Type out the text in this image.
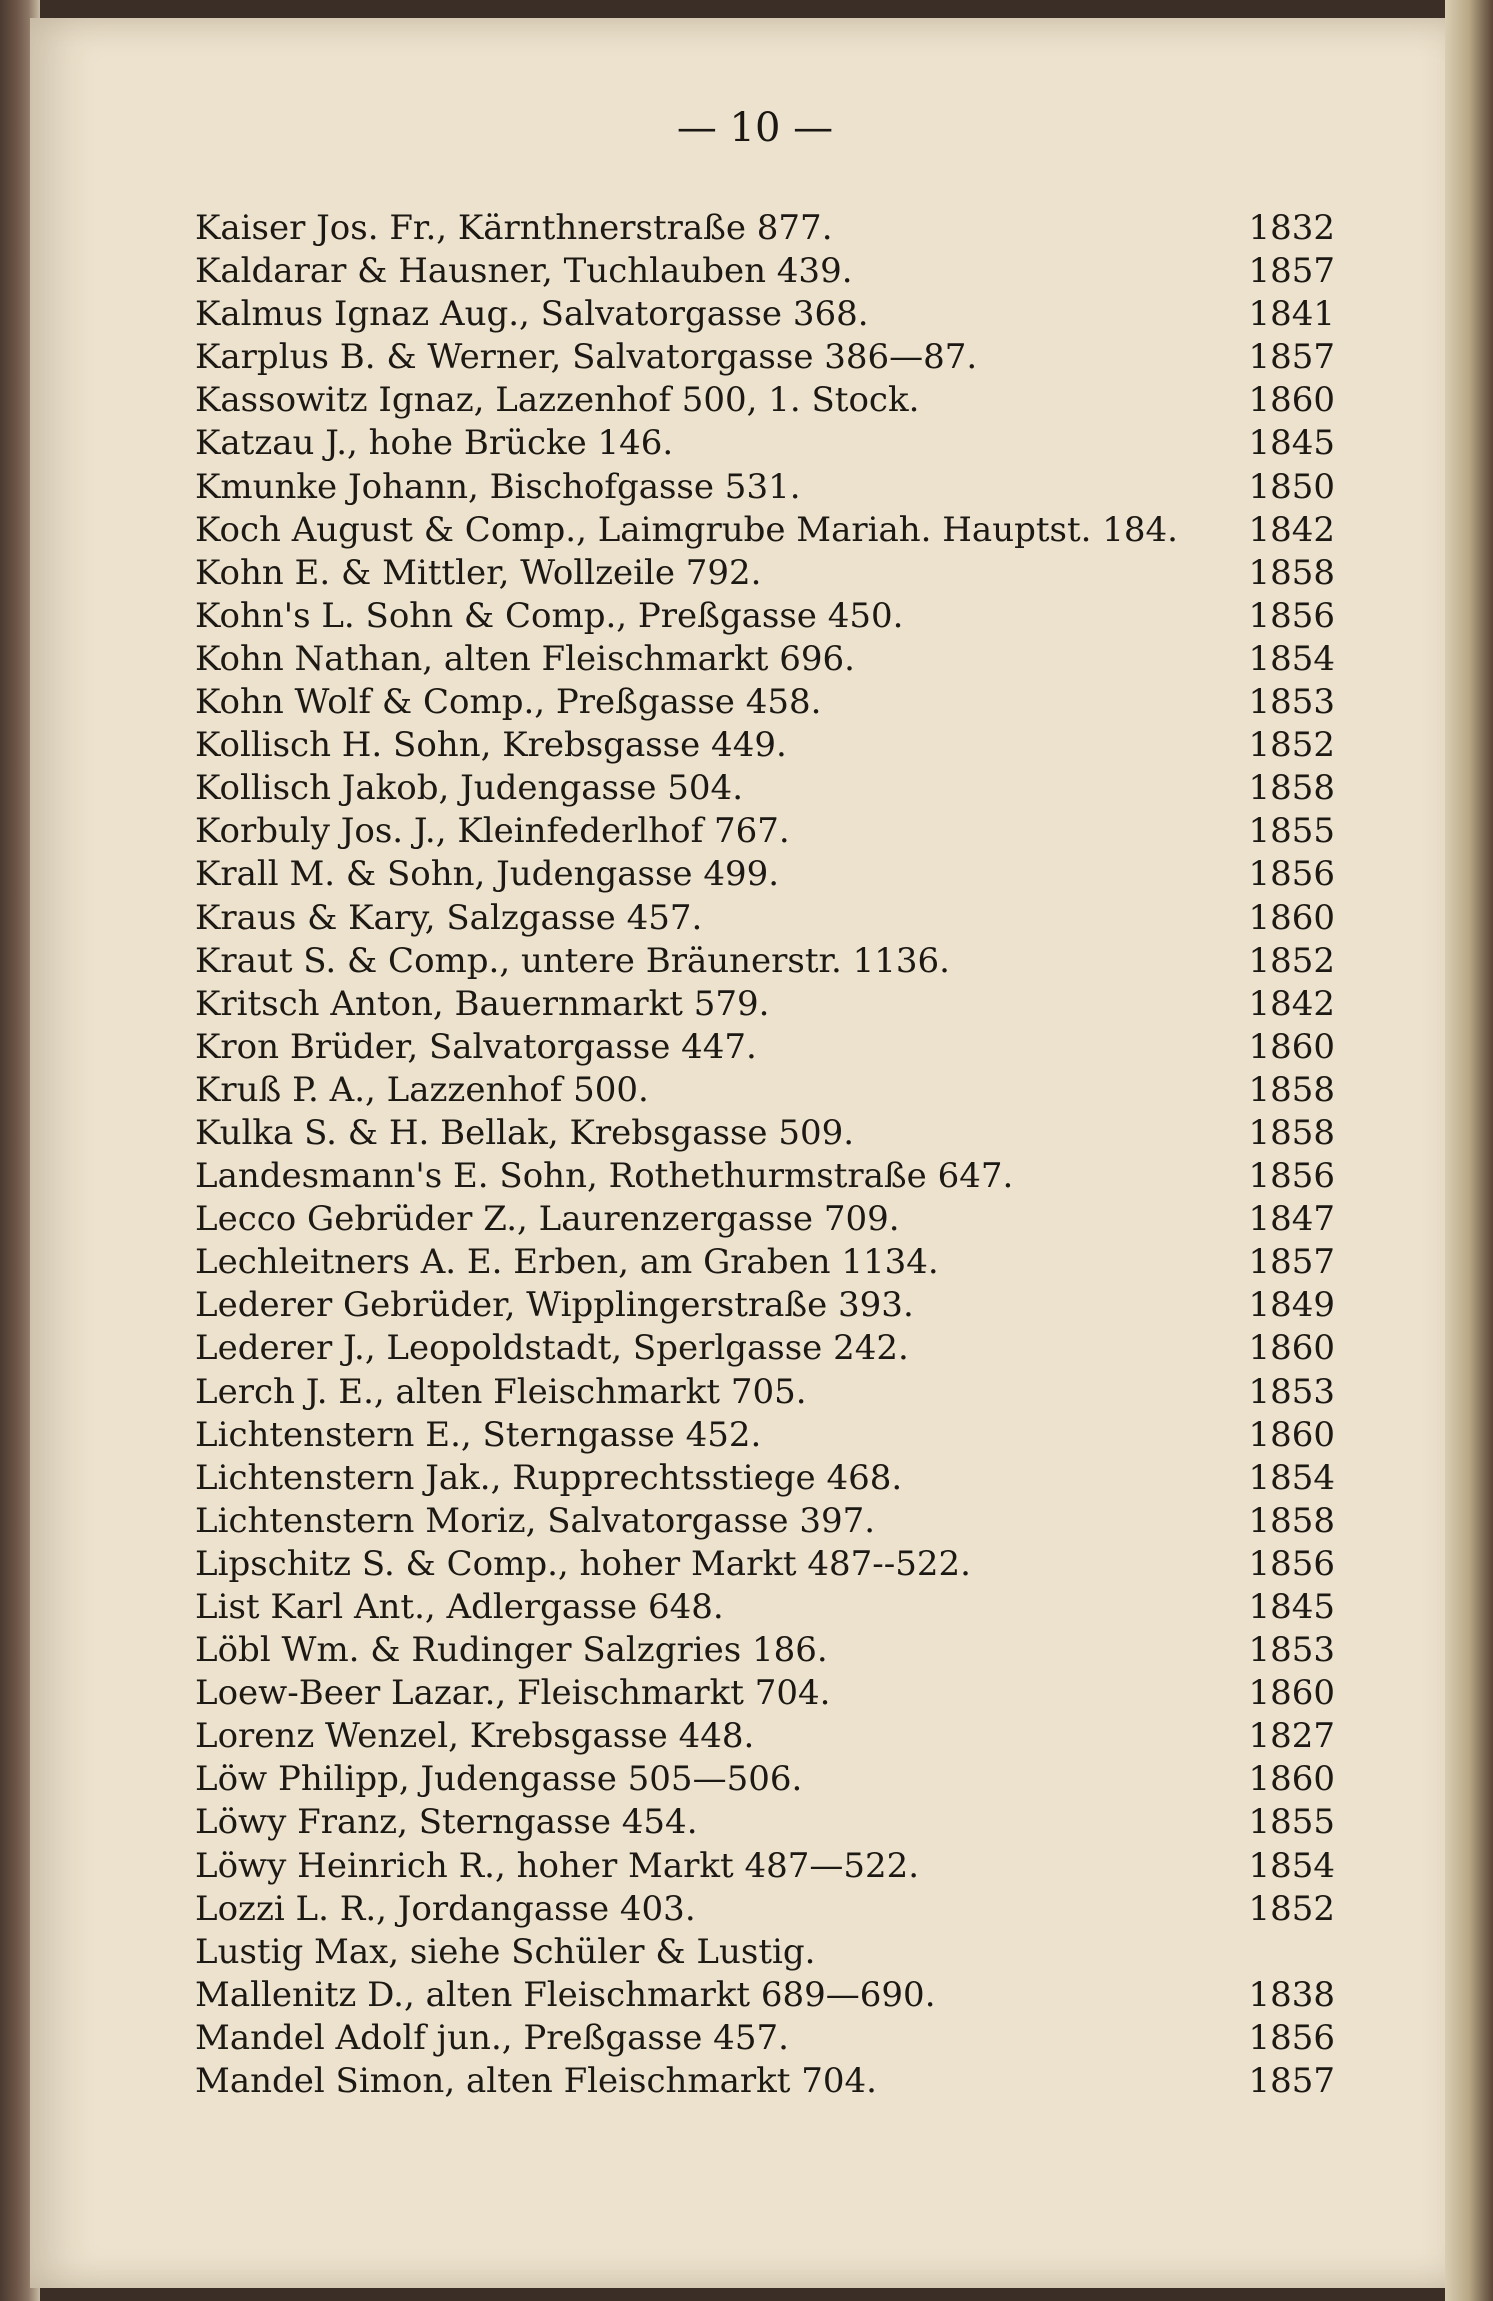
— 10 —
Kaiser Jos. Fr., Kärnthnerstraße 877.	1832
Kaldarar & Hausner, Tuchlauben 439.	1857
Kalmus Ignaz Aug., Salvatorgasse 368.	1841
Karplus B. & Werner, Salvatorgasse 386—87.	1857
Kassowitz Ignaz, Lazzenhof 500, 1. Stock.	1860
Katzau J., hohe Brücke 146.	1845
Kmunke Johann, Bischofgasse 531.	1850
Koch August & Comp., Laimgrube Mariah. Hauptst. 184.	1842
Kohn E. & Mittler, Wollzeile 792.	1858
Kohn's L. Sohn & Comp., Preßgasse 450.	1856
Kohn Nathan, alten Fleischmarkt 696.	1854
Kohn Wolf & Comp., Preßgasse 458.	1853
Kollisch H. Sohn, Krebsgasse 449.	1852
Kollisch Jakob, Judengasse 504.	1858
Korbuly Jos. J., Kleinfederlhof 767.	1855
Krall M. & Sohn, Judengasse 499.	1856
Kraus & Kary, Salzgasse 457.	1860
Kraut S. & Comp., untere Bräunerstr. 1136.	1852
Kritsch Anton, Bauernmarkt 579.	1842
Kron Brüder, Salvatorgasse 447.	1860
Kruß P. A., Lazzenhof 500.	1858
Kulka S. & H. Bellak, Krebsgasse 509.	1858
Landesmann's E. Sohn, Rothethurmstraße 647.	1856
Lecco Gebrüder Z., Laurenzergasse 709.	1847
Lechleitners A. E. Erben, am Graben 1134.	1857
Lederer Gebrüder, Wipplingerstraße 393.	1849
Lederer J., Leopoldstadt, Sperlgasse 242.	1860
Lerch J. E., alten Fleischmarkt 705.	1853
Lichtenstern E., Sterngasse 452.	1860
Lichtenstern Jak., Rupprechtsstiege 468.	1854
Lichtenstern Moriz, Salvatorgasse 397.	1858
Lipschitz S. & Comp., hoher Markt 487--522.	1856
List Karl Ant., Adlergasse 648.	1845
Löbl Wm. & Rudinger Salzgries 186.	1853
Loew-Beer Lazar., Fleischmarkt 704.	1860
Lorenz Wenzel, Krebsgasse 448.	1827
Löw Philipp, Judengasse 505—506.	1860
Löwy Franz, Sterngasse 454.	1855
Löwy Heinrich R., hoher Markt 487—522.	1854
Lozzi L. R., Jordangasse 403.	1852
Lustig Max, siehe Schüler & Lustig.
Mallenitz D., alten Fleischmarkt 689—690.	1838
Mandel Adolf jun., Preßgasse 457.	1856
Mandel Simon, alten Fleischmarkt 704.	1857
